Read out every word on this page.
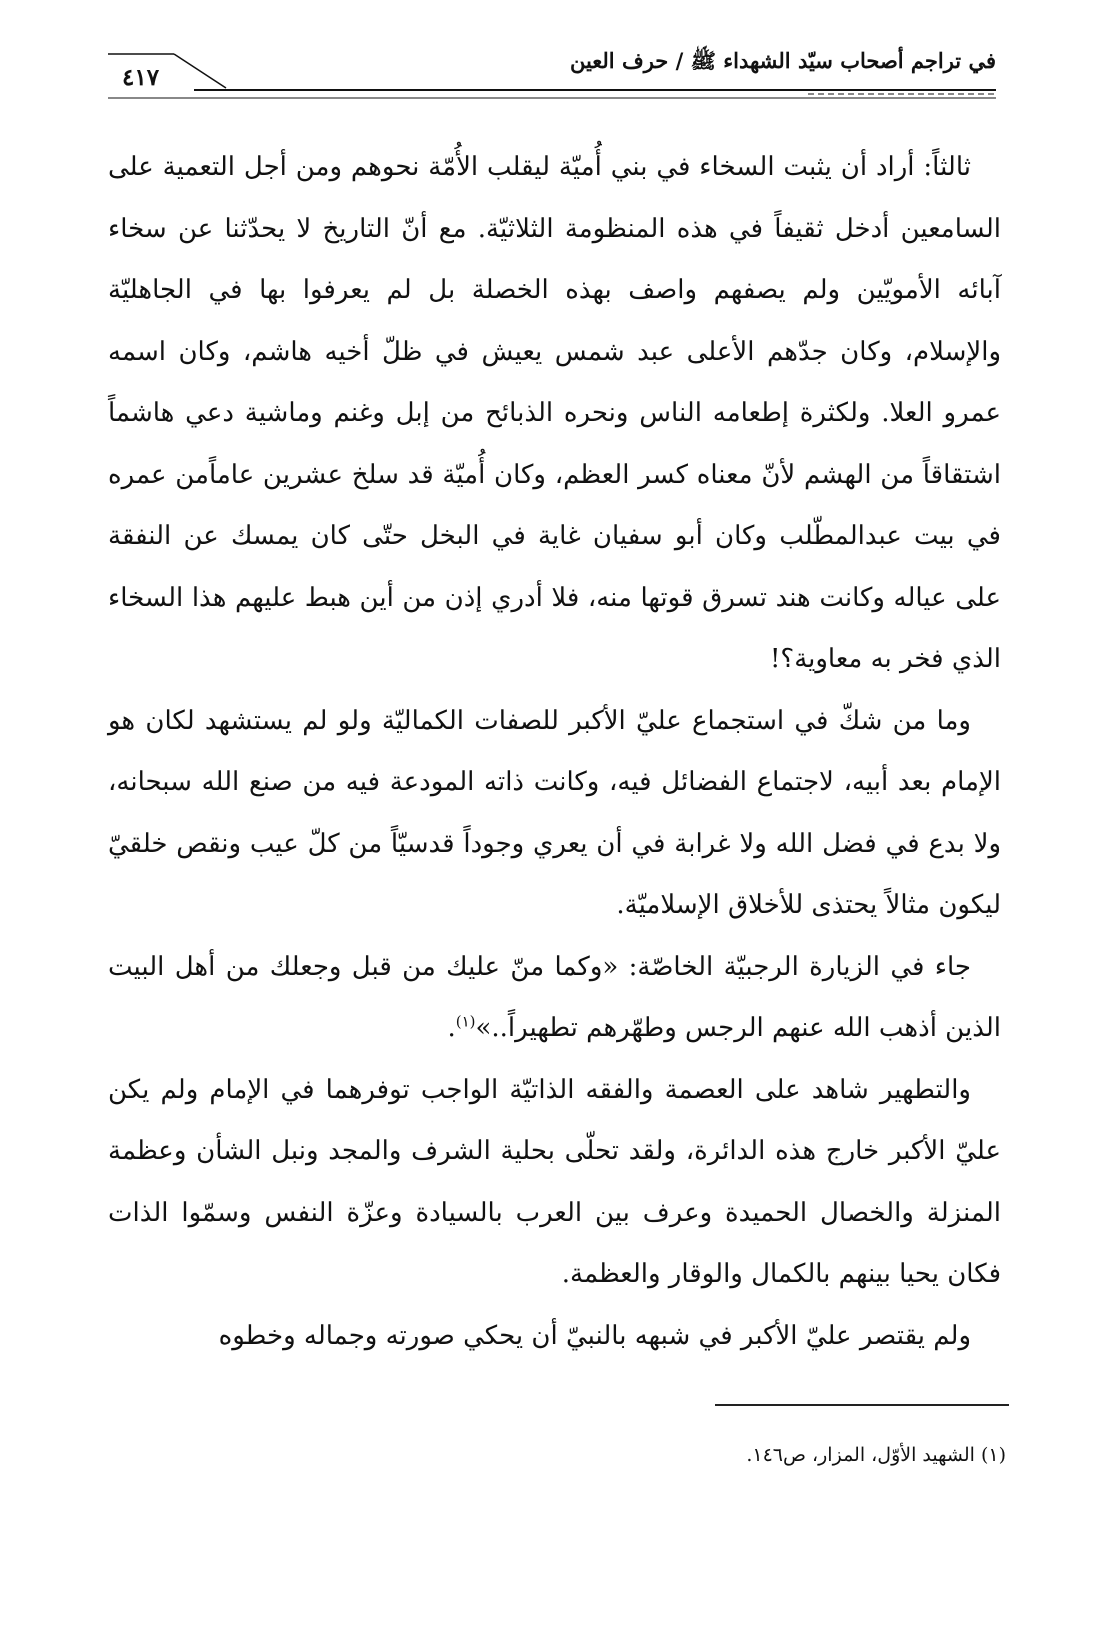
في تراجم أصحاب سيّد الشهداء ﷺ / حرف العين
٤١٧

ثالثاً: أراد أن يثبت السخاء في بني أُميّة ليقلب الأُمّة نحوهم ومن أجل التعمية على السامعين أدخل ثقيفاً في هذه المنظومة الثلاثيّة. مع أنّ التاريخ لا يحدّثنا عن سخاء آبائه الأمويّين ولم يصفهم واصف بهذه الخصلة بل لم يعرفوا بها في الجاهليّة والإسلام، وكان جدّهم الأعلى عبد شمس يعيش في ظلّ أخيه هاشم، وكان اسمه عمرو العلا. ولكثرة إطعامه الناس ونحره الذبائح من إبل وغنم وماشية دعي هاشماً اشتقاقاً من الهشم لأنّ معناه كسر العظم، وكان أُميّة قد سلخ عشرين عاماًمن عمره في بيت عبدالمطّلب وكان أبو سفيان غاية في البخل حتّى كان يمسك عن النفقة على عياله وكانت هند تسرق قوتها منه، فلا أدري إذن من أين هبط عليهم هذا السخاء الذي فخر به معاوية؟!

وما من شكّ في استجماع عليّ الأكبر للصفات الكماليّة ولو لم يستشهد لكان هو الإمام بعد أبيه، لاجتماع الفضائل فيه، وكانت ذاته المودعة فيه من صنع الله سبحانه، ولا بدع في فضل الله ولا غرابة في أن يعري وجوداً قدسيّاً من كلّ عيب ونقص خلقيّ ليكون مثالاً يحتذى للأخلاق الإسلاميّة.

جاء في الزيارة الرجبيّة الخاصّة: «وكما منّ عليك من قبل وجعلك من أهل البيت الذين أذهب الله عنهم الرجس وطهّرهم تطهيراً..»$^{(١)}$.

والتطهير شاهد على العصمة والفقه الذاتيّة الواجب توفرهما في الإمام ولم يكن عليّ الأكبر خارج هذه الدائرة، ولقد تحلّى بحلية الشرف والمجد ونبل الشأن وعظمة المنزلة والخصال الحميدة وعرف بين العرب بالسيادة وعزّة النفس وسمّوا الذات فكان يحيا بينهم بالكمال والوقار والعظمة.

ولم يقتصر عليّ الأكبر في شبهه بالنبيّ أن يحكي صورته وجماله وخطوه

(١) الشهيد الأوّل، المزار، ص١٤٦.
